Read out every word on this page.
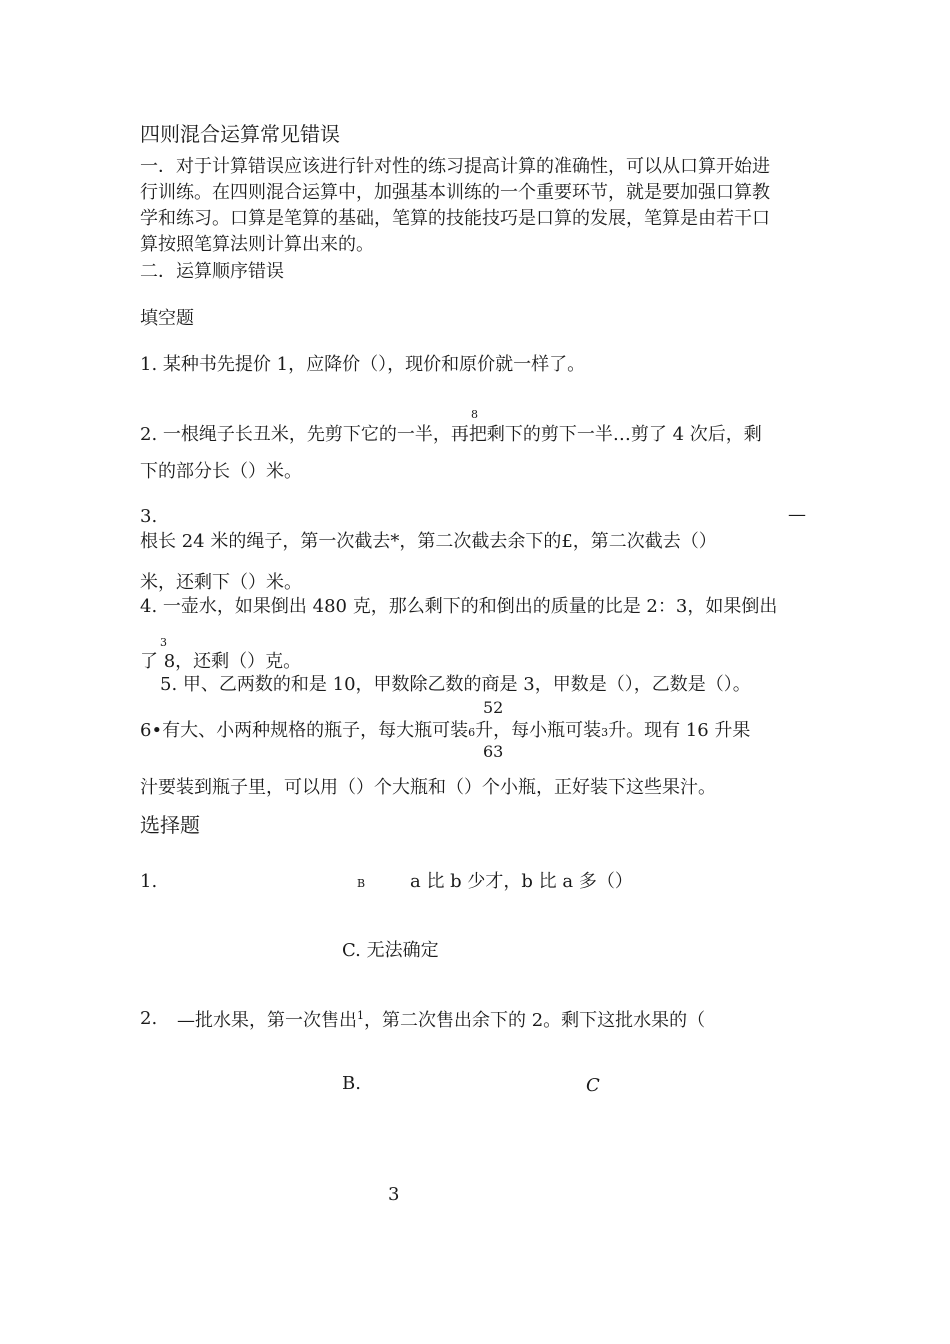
四则混合运算常见错误
一．对于计算错误应该进行针对性的练习提高计算的准确性，可以从口算开始进
行训练。在四则混合运算中，加强基本训练的一个重要环节，就是要加强口算教
学和练习。口算是笔算的基础，笔算的技能技巧是口算的发展，笔算是由若干口
算按照笔算法则计算出来的。
二．运算顺序错误
填空题
1. 某种书先提价 1，应降价（），现价和原价就一样了。
8
2. 一根绳子长丑米，先剪下它的一半，再把剩下的剪下一半…剪了 4 次后，剩
下的部分长（）米。
3.	—
根长 24 米的绳子，第一次截去*，第二次截去余下的£，第二次截去（）
米，还剩下（）米。
4. 一壶水，如果倒出 480 克，那么剩下的和倒出的质量的比是 2：3，如果倒出
3
了 8，还剩（）克。
5. 甲、乙两数的和是 10，甲数除乙数的商是 3，甲数是（），乙数是（）。
52
6•有大、小两种规格的瓶子，每大瓶可装6升，每小瓶可装3升。现有 16 升果
63
汁要装到瓶子里，可以用（）个大瓶和（）个小瓶，正好装下这些果汁。
选择题
1.	B a 比 b 少才，b 比 a 多（）
C. 无法确定
2. —批水果，第一次售出$^1$，第二次售出余下的 2。剩下这批水果的（
B.	C
3
